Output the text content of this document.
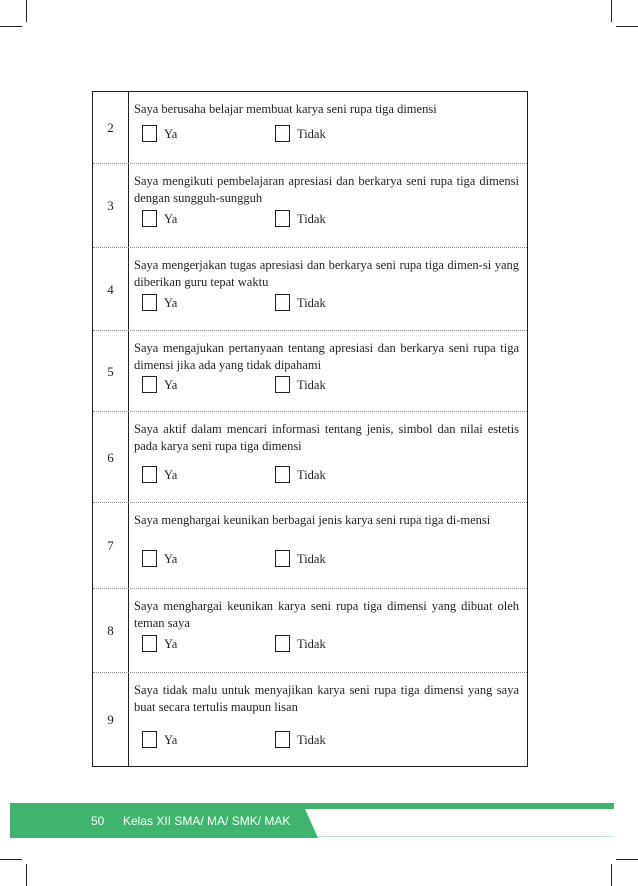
2
Saya berusaha belajar membuat karya seni rupa tiga dimensi
Ya	Tidak
3
Saya mengikuti pembelajaran apresiasi dan berkarya seni rupa tiga dimensi dengan sungguh-sungguh
Ya	Tidak
4
Saya mengerjakan tugas apresiasi dan berkarya seni rupa tiga dimen-si yang diberikan guru tepat waktu
Ya	Tidak
5
Saya mengajukan pertanyaan tentang apresiasi dan berkarya seni rupa tiga dimensi jika ada yang tidak dipahami
Ya	Tidak
6
Saya aktif dalam mencari informasi tentang jenis, simbol dan nilai estetis pada karya seni rupa tiga dimensi
Ya	Tidak
7
Saya menghargai keunikan berbagai jenis karya seni rupa tiga di-mensi
Ya	Tidak
8
Saya menghargai keunikan karya seni rupa tiga dimensi yang dibuat oleh teman saya
Ya	Tidak
9
Saya tidak malu untuk menyajikan karya seni rupa tiga dimensi yang saya buat secara tertulis maupun lisan
Ya	Tidak
50 Kelas XII SMA/ MA/ SMK/ MAK
